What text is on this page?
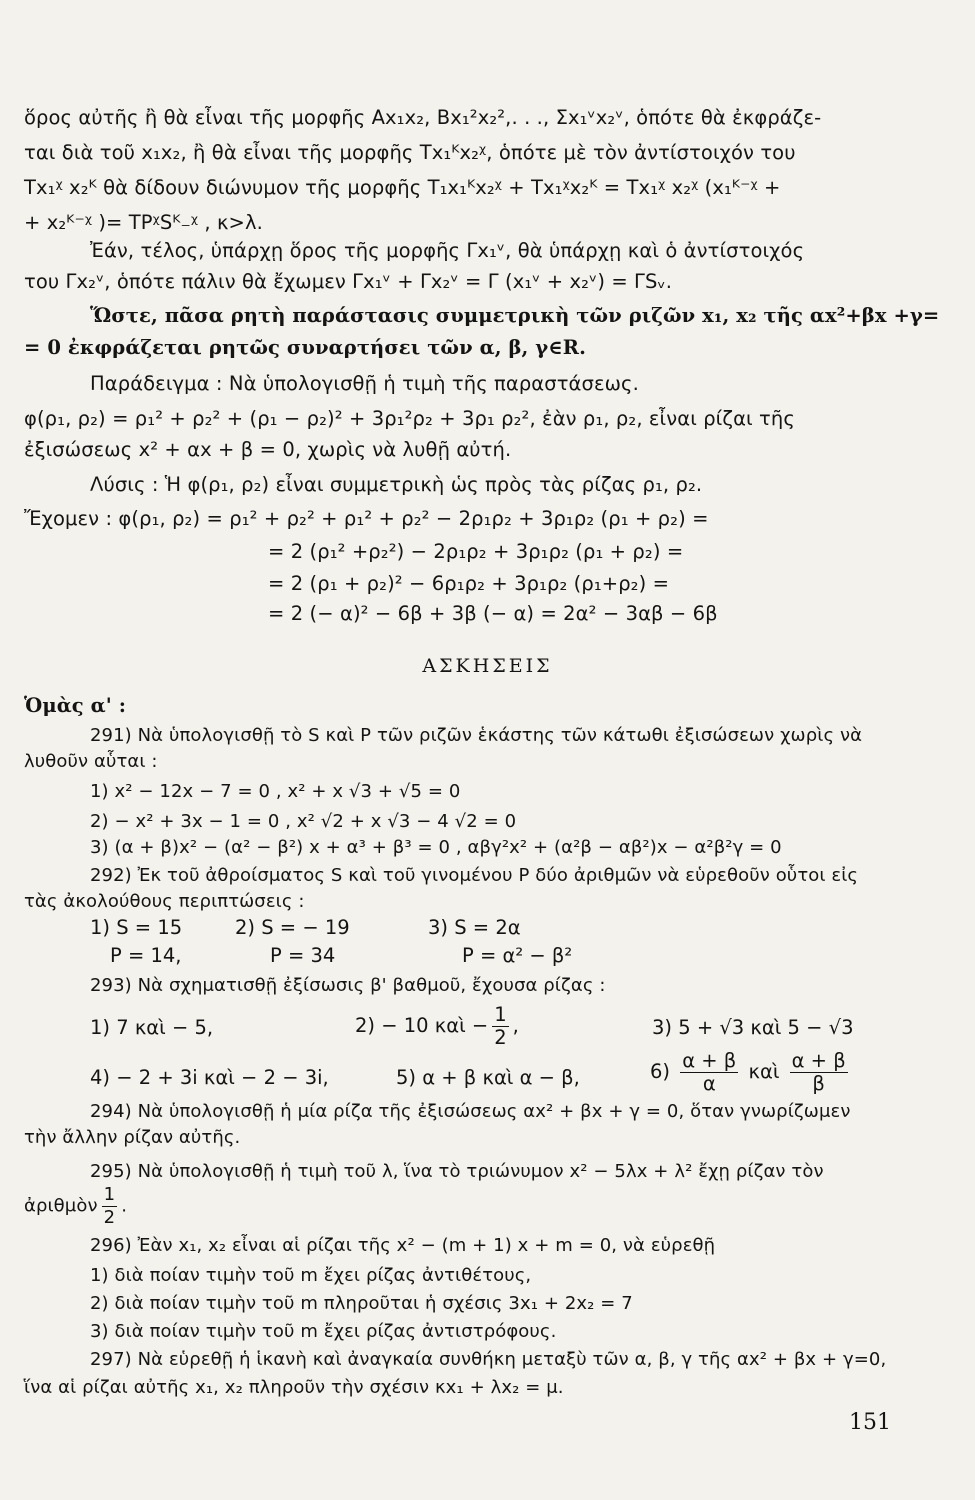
ὅρος αὐτῆς ἢ θὰ εἶναι τῆς μορφῆς Ax₁x₂, Bx₁²x₂²,. . ., Σx₁ᵛx₂ᵛ, ὁπότε θὰ ἐκφράζε-
ται διὰ τοῦ x₁x₂, ἢ θὰ εἶναι τῆς μορφῆς Tx₁ᴷx₂ᵡ, ὁπότε μὲ τὸν ἀντίστοιχόν του
Tx₁ᵡ x₂ᴷ θὰ δίδουν διώνυμον τῆς μορφῆς T₁x₁ᴷx₂ᵡ + Tx₁ᵡx₂ᴷ = Tx₁ᵡ x₂ᵡ (x₁ᴷ⁻ᵡ +
+ x₂ᴷ⁻ᵡ )= TPᵡSᴷ₋ᵡ , κ>λ.
Ἐάν, τέλος, ὑπάρχῃ ὅρος τῆς μορφῆς Γx₁ᵛ, θὰ ὑπάρχῃ καὶ ὁ ἀντίστοιχός
του Γx₂ᵛ, ὁπότε πάλιν θὰ ἔχωμεν Γx₁ᵛ + Γx₂ᵛ = Γ (x₁ᵛ + x₂ᵛ) = ΓSᵥ.
Ὥστε, πᾶσα ρητὴ παράστασις συμμετρικὴ τῶν ριζῶν x₁, x₂ τῆς αx²+βx +γ=
= 0 ἐκφράζεται ρητῶς συναρτήσει τῶν α, β, γ∈R.
Παράδειγμα : Νὰ ὑπολογισθῇ ἡ τιμὴ τῆς παραστάσεως.
φ(ρ₁, ρ₂) = ρ₁² + ρ₂² + (ρ₁ − ρ₂)² + 3ρ₁²ρ₂ + 3ρ₁ ρ₂², ἐὰν ρ₁, ρ₂, εἶναι ρίζαι τῆς
ἐξισώσεως x² + αx + β = 0, χωρὶς νὰ λυθῇ αὐτή.
Λύσις : Ἡ φ(ρ₁, ρ₂) εἶναι συμμετρικὴ ὡς πρὸς τὰς ρίζας ρ₁, ρ₂.
Ἔχομεν : φ(ρ₁, ρ₂) = ρ₁² + ρ₂² + ρ₁² + ρ₂² − 2ρ₁ρ₂ + 3ρ₁ρ₂ (ρ₁ + ρ₂) =
= 2 (ρ₁² +ρ₂²) − 2ρ₁ρ₂ + 3ρ₁ρ₂ (ρ₁ + ρ₂) =
= 2 (ρ₁ + ρ₂)² − 6ρ₁ρ₂ + 3ρ₁ρ₂ (ρ₁+ρ₂) =
= 2 (− α)² − 6β + 3β (− α) = 2α² − 3αβ − 6β
ΑΣΚΗΣΕΙΣ
Ὁμὰς α' :
291) Νὰ ὑπολογισθῇ τὸ S καὶ P τῶν ριζῶν ἑκάστης τῶν κάτωθι ἐξισώσεων χωρὶς νὰ
λυθοῦν αὗται :
1) x² − 12x − 7 = 0 , x² + x √3 + √5 = 0
2) − x² + 3x − 1 = 0 , x² √2 + x √3 − 4 √2 = 0
3) (α + β)x² − (α² − β²) x + α³ + β³ = 0 , αβγ²x² + (α²β − αβ²)x − α²β²γ = 0
292) Ἐκ τοῦ ἀθροίσματος S καὶ τοῦ γινομένου P δύο ἀριθμῶν νὰ εὑρεθοῦν οὗτοι εἰς
τὰς ἀκολούθους περιπτώσεις :
1) S = 15	2) S = − 19	3) S = 2α
P = 14,	P = 34	P = α² − β²
293) Νὰ σχηματισθῇ ἐξίσωσις β' βαθμοῦ, ἔχουσα ρίζας :
1) 7 καὶ − 5,	2) − 10 καὶ − $\frac{1}{2}$ ,	3) 5 + √3 καὶ 5 − √3
4) − 2 + 3i καὶ − 2 − 3i,	5) α + β καὶ α − β,	$6) \frac{\alpha + \beta}{\alpha}$ καὶ $\frac{\alpha + \beta}{\beta}$
294) Νὰ ὑπολογισθῇ ἡ μία ρίζα τῆς ἐξισώσεως αx² + βx + γ = 0, ὅταν γνωρίζωμεν
τὴν ἄλλην ρίζαν αὐτῆς.
295) Νὰ ὑπολογισθῇ ἡ τιμὴ τοῦ λ, ἵνα τὸ τριώνυμον x² − 5λx + λ² ἔχῃ ρίζαν τὸν
ἀριθμὸν $\frac{1}{2}$ .
296) Ἐὰν x₁, x₂ εἶναι αἱ ρίζαι τῆς x² − (m + 1) x + m = 0, νὰ εὑρεθῇ
1) διὰ ποίαν τιμὴν τοῦ m ἔχει ρίζας ἀντιθέτους,
2) διὰ ποίαν τιμὴν τοῦ m πληροῦται ἡ σχέσις 3x₁ + 2x₂ = 7
3) διὰ ποίαν τιμὴν τοῦ m ἔχει ρίζας ἀντιστρόφους.
297) Νὰ εὑρεθῇ ἡ ἱκανὴ καὶ ἀναγκαία συνθήκη μεταξὺ τῶν α, β, γ τῆς αx² + βx + γ=0,
ἵνα αἱ ρίζαι αὐτῆς x₁, x₂ πληροῦν τὴν σχέσιν κx₁ + λx₂ = μ.
151
